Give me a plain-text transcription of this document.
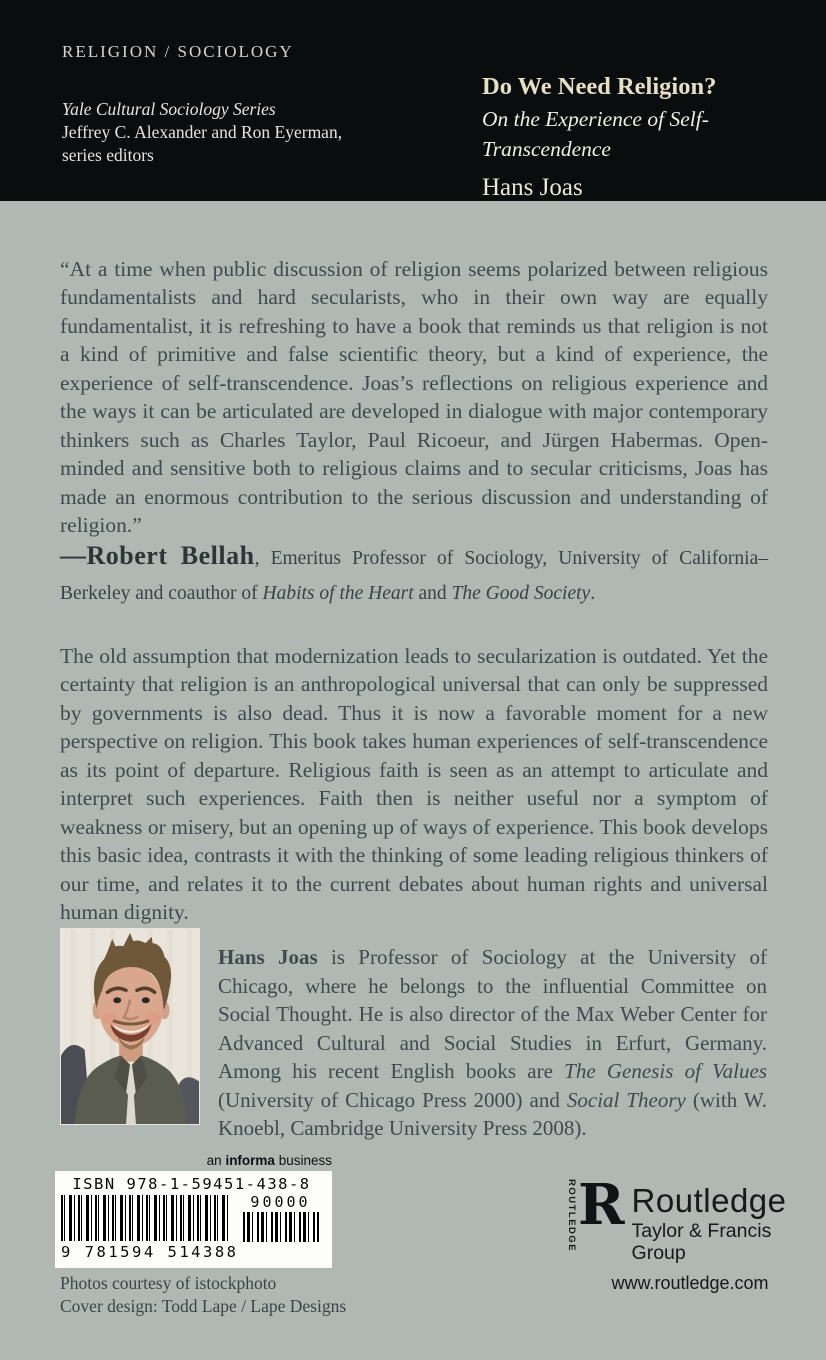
RELIGION / SOCIOLOGY
Yale Cultural Sociology Series
Jeffrey C. Alexander and Ron Eyerman,
series editors
Do We Need Religion?
On the Experience of Self-Transcendence
Hans Joas

“At a time when public discussion of religion seems polarized between religious fundamentalists and hard secularists, who in their own way are equally fundamentalist, it is refreshing to have a book that reminds us that religion is not a kind of primitive and false scientific theory, but a kind of experience, the experience of self-transcendence. Joas’s reflections on religious experience and the ways it can be articulated are developed in dialogue with major contemporary thinkers such as Charles Taylor, Paul Ricoeur, and Jürgen Habermas. Open-minded and sensitive both to religious claims and to secular criticisms, Joas has made an enormous contribution to the serious discussion and understanding of religion.”

—Robert Bellah, Emeritus Professor of Sociology, University of California–Berkeley and coauthor of Habits of the Heart and The Good Society.

The old assumption that modernization leads to secularization is outdated. Yet the certainty that religion is an anthropological universal that can only be suppressed by governments is also dead. Thus it is now a favorable moment for a new perspective on religion. This book takes human experiences of self-transcendence as its point of departure. Religious faith is seen as an attempt to articulate and interpret such experiences. Faith then is neither useful nor a symptom of weakness or misery, but an opening up of ways of experience. This book develops this basic idea, contrasts it with the thinking of some leading religious thinkers of our time, and relates it to the current debates about human rights and universal human dignity.

Hans Joas is Professor of Sociology at the University of Chicago, where he belongs to the influential Committee on Social Thought. He is also director of the Max Weber Center for Advanced Cultural and Social Studies in Erfurt, Germany. Among his recent English books are The Genesis of Values (University of Chicago Press 2000) and Social Theory (with W. Knoebl, Cambridge University Press 2008).

an informa business
ISBN 978-1-59451-438-8
90000
9 781594 514388
Photos courtesy of istockphoto
Cover design: Todd Lape / Lape Designs
ROUTLEDGE R Routledge
Taylor & Francis Group
www.routledge.com
